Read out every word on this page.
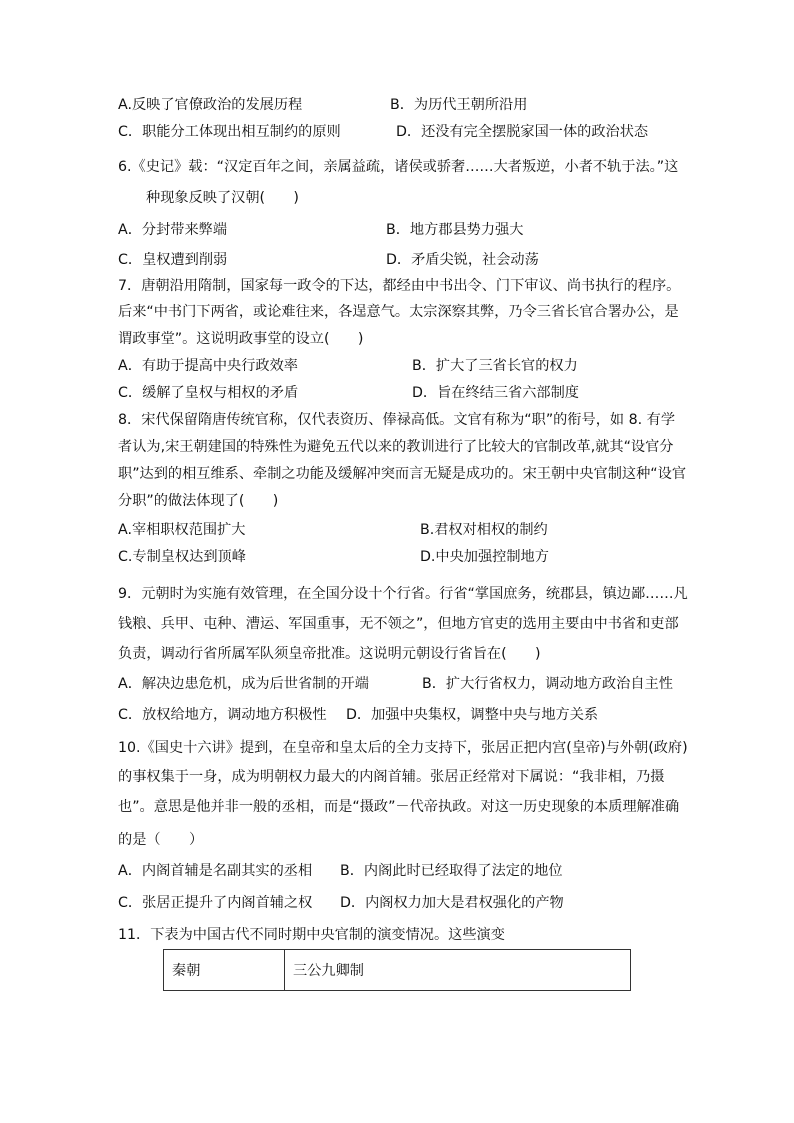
A.反映了官僚政治的发展历程	B．为历代王朝所沿用
C．职能分工体现出相互制约的原则	D．还没有完全摆脱家国一体的政治状态
6.《史记》载：“汉定百年之间，亲属益疏，诸侯或骄奢……大者叛逆，小者不轨于法。”这
种现象反映了汉朝(　　)
A．分封带来弊端	B．地方郡县势力强大
C．皇权遭到削弱	D．矛盾尖锐，社会动荡
7．唐朝沿用隋制，国家每一政令的下达，都经由中书出令、门下审议、尚书执行的程序。
后来“中书门下两省，或论难往来，各逞意气。太宗深察其弊，乃令三省长官合署办公，是
谓政事堂”。这说明政事堂的设立(　　)
A．有助于提高中央行政效率	B．扩大了三省长官的权力
C．缓解了皇权与相权的矛盾	D．旨在终结三省六部制度
8．宋代保留隋唐传统官称，仅代表资历、俸禄高低。文官有称为“职”的衔号，如 8. 有学
者认为,宋王朝建国的特殊性为避免五代以来的教训进行了比较大的官制改革,就其“设官分
职”达到的相互维系、牵制之功能及缓解冲突而言无疑是成功的。宋王朝中央官制这种“设官
分职”的做法体现了(　　)
A.宰相职权范围扩大	B.君权对相权的制约
C.专制皇权达到顶峰	D.中央加强控制地方
9．元朝时为实施有效管理，在全国分设十个行省。行省“掌国庶务，统郡县，镇边鄙……凡
钱粮、兵甲、屯种、漕运、军国重事，无不领之”，但地方官吏的选用主要由中书省和吏部
负责，调动行省所属军队须皇帝批准。这说明元朝设行省旨在(　　)
A．解决边患危机，成为后世省制的开端	B．扩大行省权力，调动地方政治自主性
C．放权给地方，调动地方积极性 D．加强中央集权，调整中央与地方关系
10.《国史十六讲》提到，在皇帝和皇太后的全力支持下，张居正把内宫(皇帝)与外朝(政府)
的事权集于一身，成为明朝权力最大的内阁首辅。张居正经常对下属说：“我非相，乃摄
也”。意思是他并非一般的丞相，而是“摄政”－代帝执政。对这一历史现象的本质理解准确
的是（　　）
A．内阁首辅是名副其实的丞相 B．内阁此时已经取得了法定的地位
C．张居正提升了内阁首辅之权 D．内阁权力加大是君权强化的产物
11．下表为中国古代不同时期中央官制的演变情况。这些演变
秦朝	三公九卿制
